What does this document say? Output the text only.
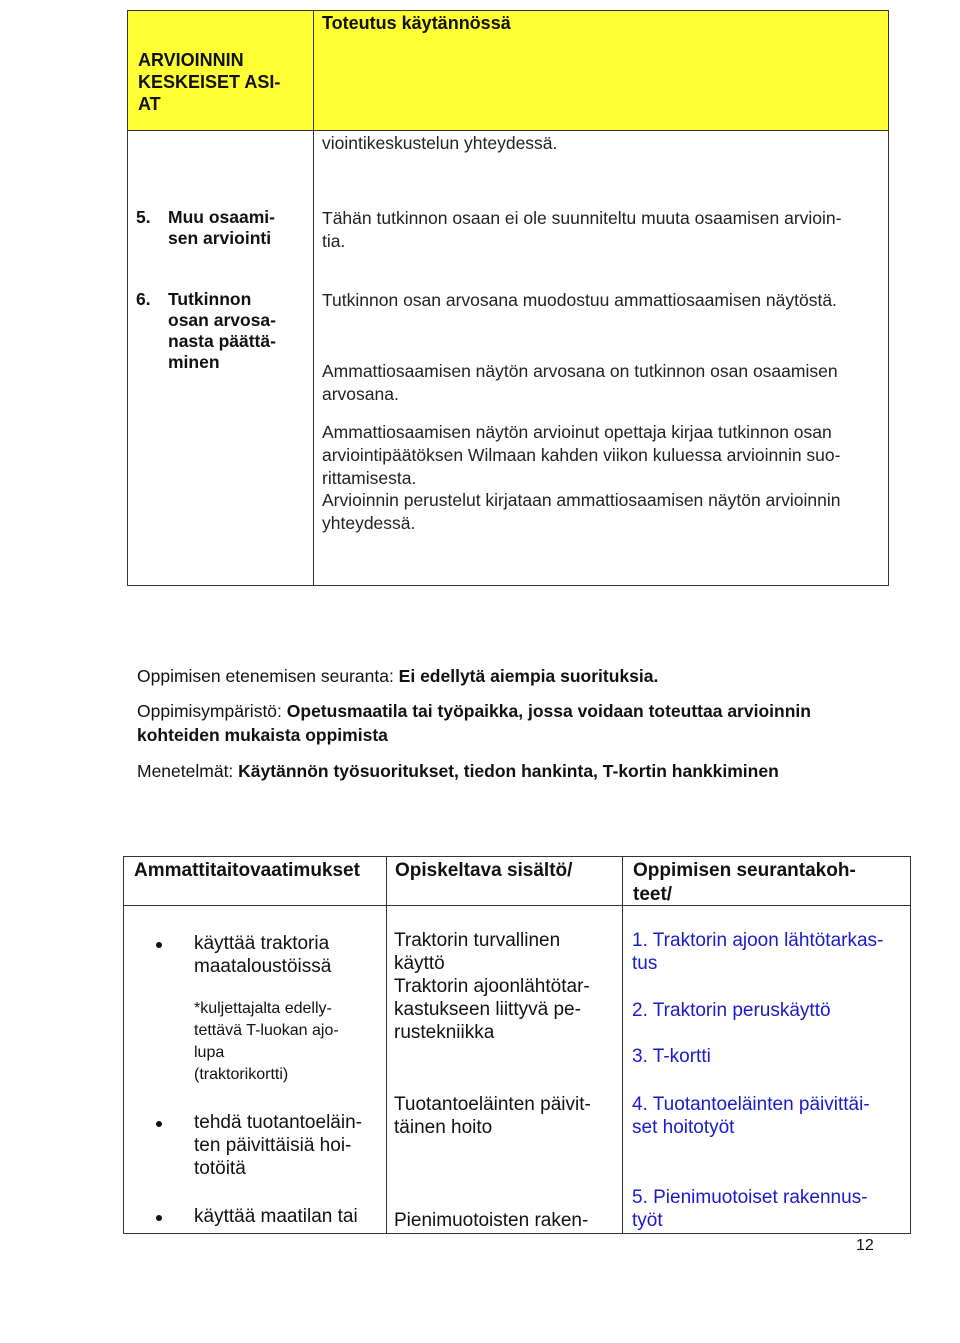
ARVIOINNIN
KESKEISET ASI-
AT
Toteutus käytännössä
viointikeskustelun yhteydessä.
5. Muu osaami-
sen arviointi
Tähän tutkinnon osaan ei ole suunniteltu muuta osaamisen arvioin-
tia.
6. Tutkinnon
osan arvosa-
nasta päättä-
minen
Tutkinnon osan arvosana muodostuu ammattiosaamisen näytöstä.
Ammattiosaamisen näytön arvosana on tutkinnon osan osaamisen
arvosana.
Ammattiosaamisen näytön arvioinut opettaja kirjaa tutkinnon osan
arviointipäätöksen Wilmaan kahden viikon kuluessa arvioinnin suo-
rittamisesta.
Arvioinnin perustelut kirjataan ammattiosaamisen näytön arvioinnin
yhteydessä.
Oppimisen etenemisen seuranta: Ei edellytä aiempia suorituksia.
Oppimisympäristö: Opetusmaatila tai työpaikka, jossa voidaan toteuttaa arvioinnin
kohteiden mukaista oppimista
Menetelmät: Käytännön työsuoritukset, tiedon hankinta, T-kortin hankkiminen
Ammattitaitovaatimukset Opiskeltava sisältö/	Oppimisen seurantakoh-
teet/
käyttää traktoria
maataloustöissä
*kuljettajalta edelly-
tettävä T-luokan ajo-
lupa
(traktorikortti)
tehdä tuotantoeläin-
ten päivittäisiä hoi-
totöitä
käyttää maatilan tai
Traktorin turvallinen
käyttö
Traktorin ajoonlähtötar-
kastukseen liittyvä pe-
rustekniikka
Tuotantoeläinten päivit-
täinen hoito
Pienimuotoisten raken-
1. Traktorin ajoon lähtötarkas-
tus
2. Traktorin peruskäyttö
3. T-kortti
4. Tuotantoeläinten päivittäi-
set hoitotyöt
5. Pienimuotoiset rakennus-
työt
12
